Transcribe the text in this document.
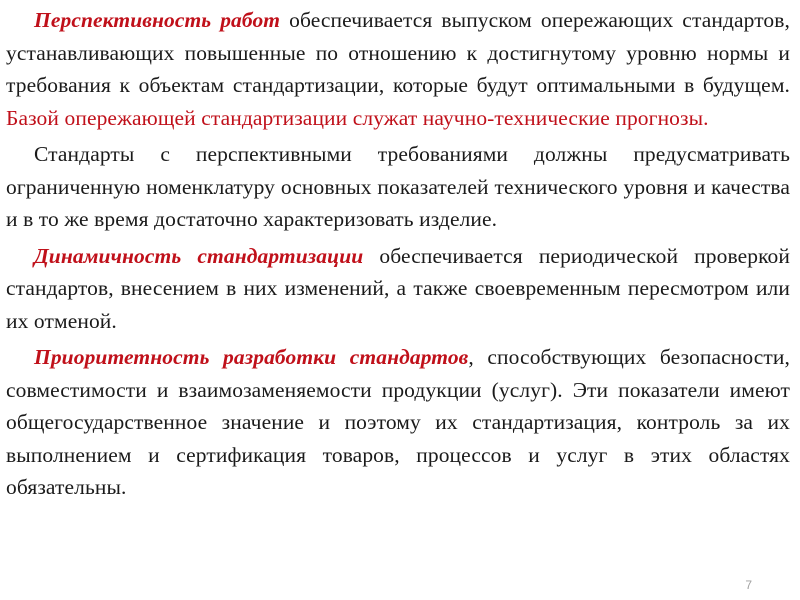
Перспективность работ обеспечивается выпуском опережающих стандартов, устанавливающих повышенные по отношению к достигнутому уровню нормы и требования к объектам стандартизации, которые будут оптимальными в будущем. Базой опережающей стандартизации служат научно-технические прогнозы.

Стандарты с перспективными требованиями должны предусматривать ограниченную номенклатуру основных показателей технического уровня и качества и в то же время достаточно характеризовать изделие.

Динамичность стандартизации обеспечивается периодической проверкой стандартов, внесением в них изменений, а также своевременным пересмотром или их отменой.

Приоритетность разработки стандартов, способствующих безопасности, совместимости и взаимозаменяемости продукции (услуг). Эти показатели имеют общегосударственное значение и поэтому их стандартизация, контроль за их выполнением и сертификация товаров, процессов и услуг в этих областях обязательны.

7
